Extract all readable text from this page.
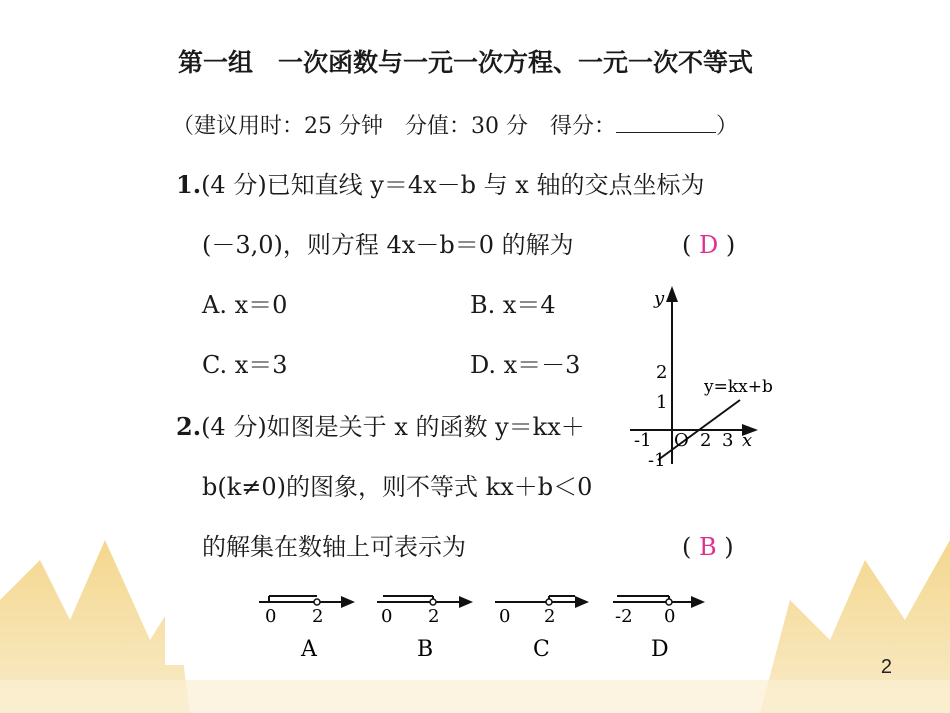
第一组　一次函数与一元一次方程、一元一次不等式
（建议用时：25 分钟　分值：30 分　得分：	）
1.(4 分)已知直线 y＝4x－b 与 x 轴的交点坐标为
(－3,0)，则方程 4x－b＝0 的解为	( D )
A. x＝0	B. x＝4
C. x＝3	D. x＝－3
y
x
y=kx+b
2
1
-1
-1 O 2 3
2.(4 分)如图是关于 x 的函数 y＝kx＋
b(k≠0)的图象，则不等式 kx＋b＜0
的解集在数轴上可表示为	( B )
0 2
A
0 2
B
0 2
C
-2 0
D
2
